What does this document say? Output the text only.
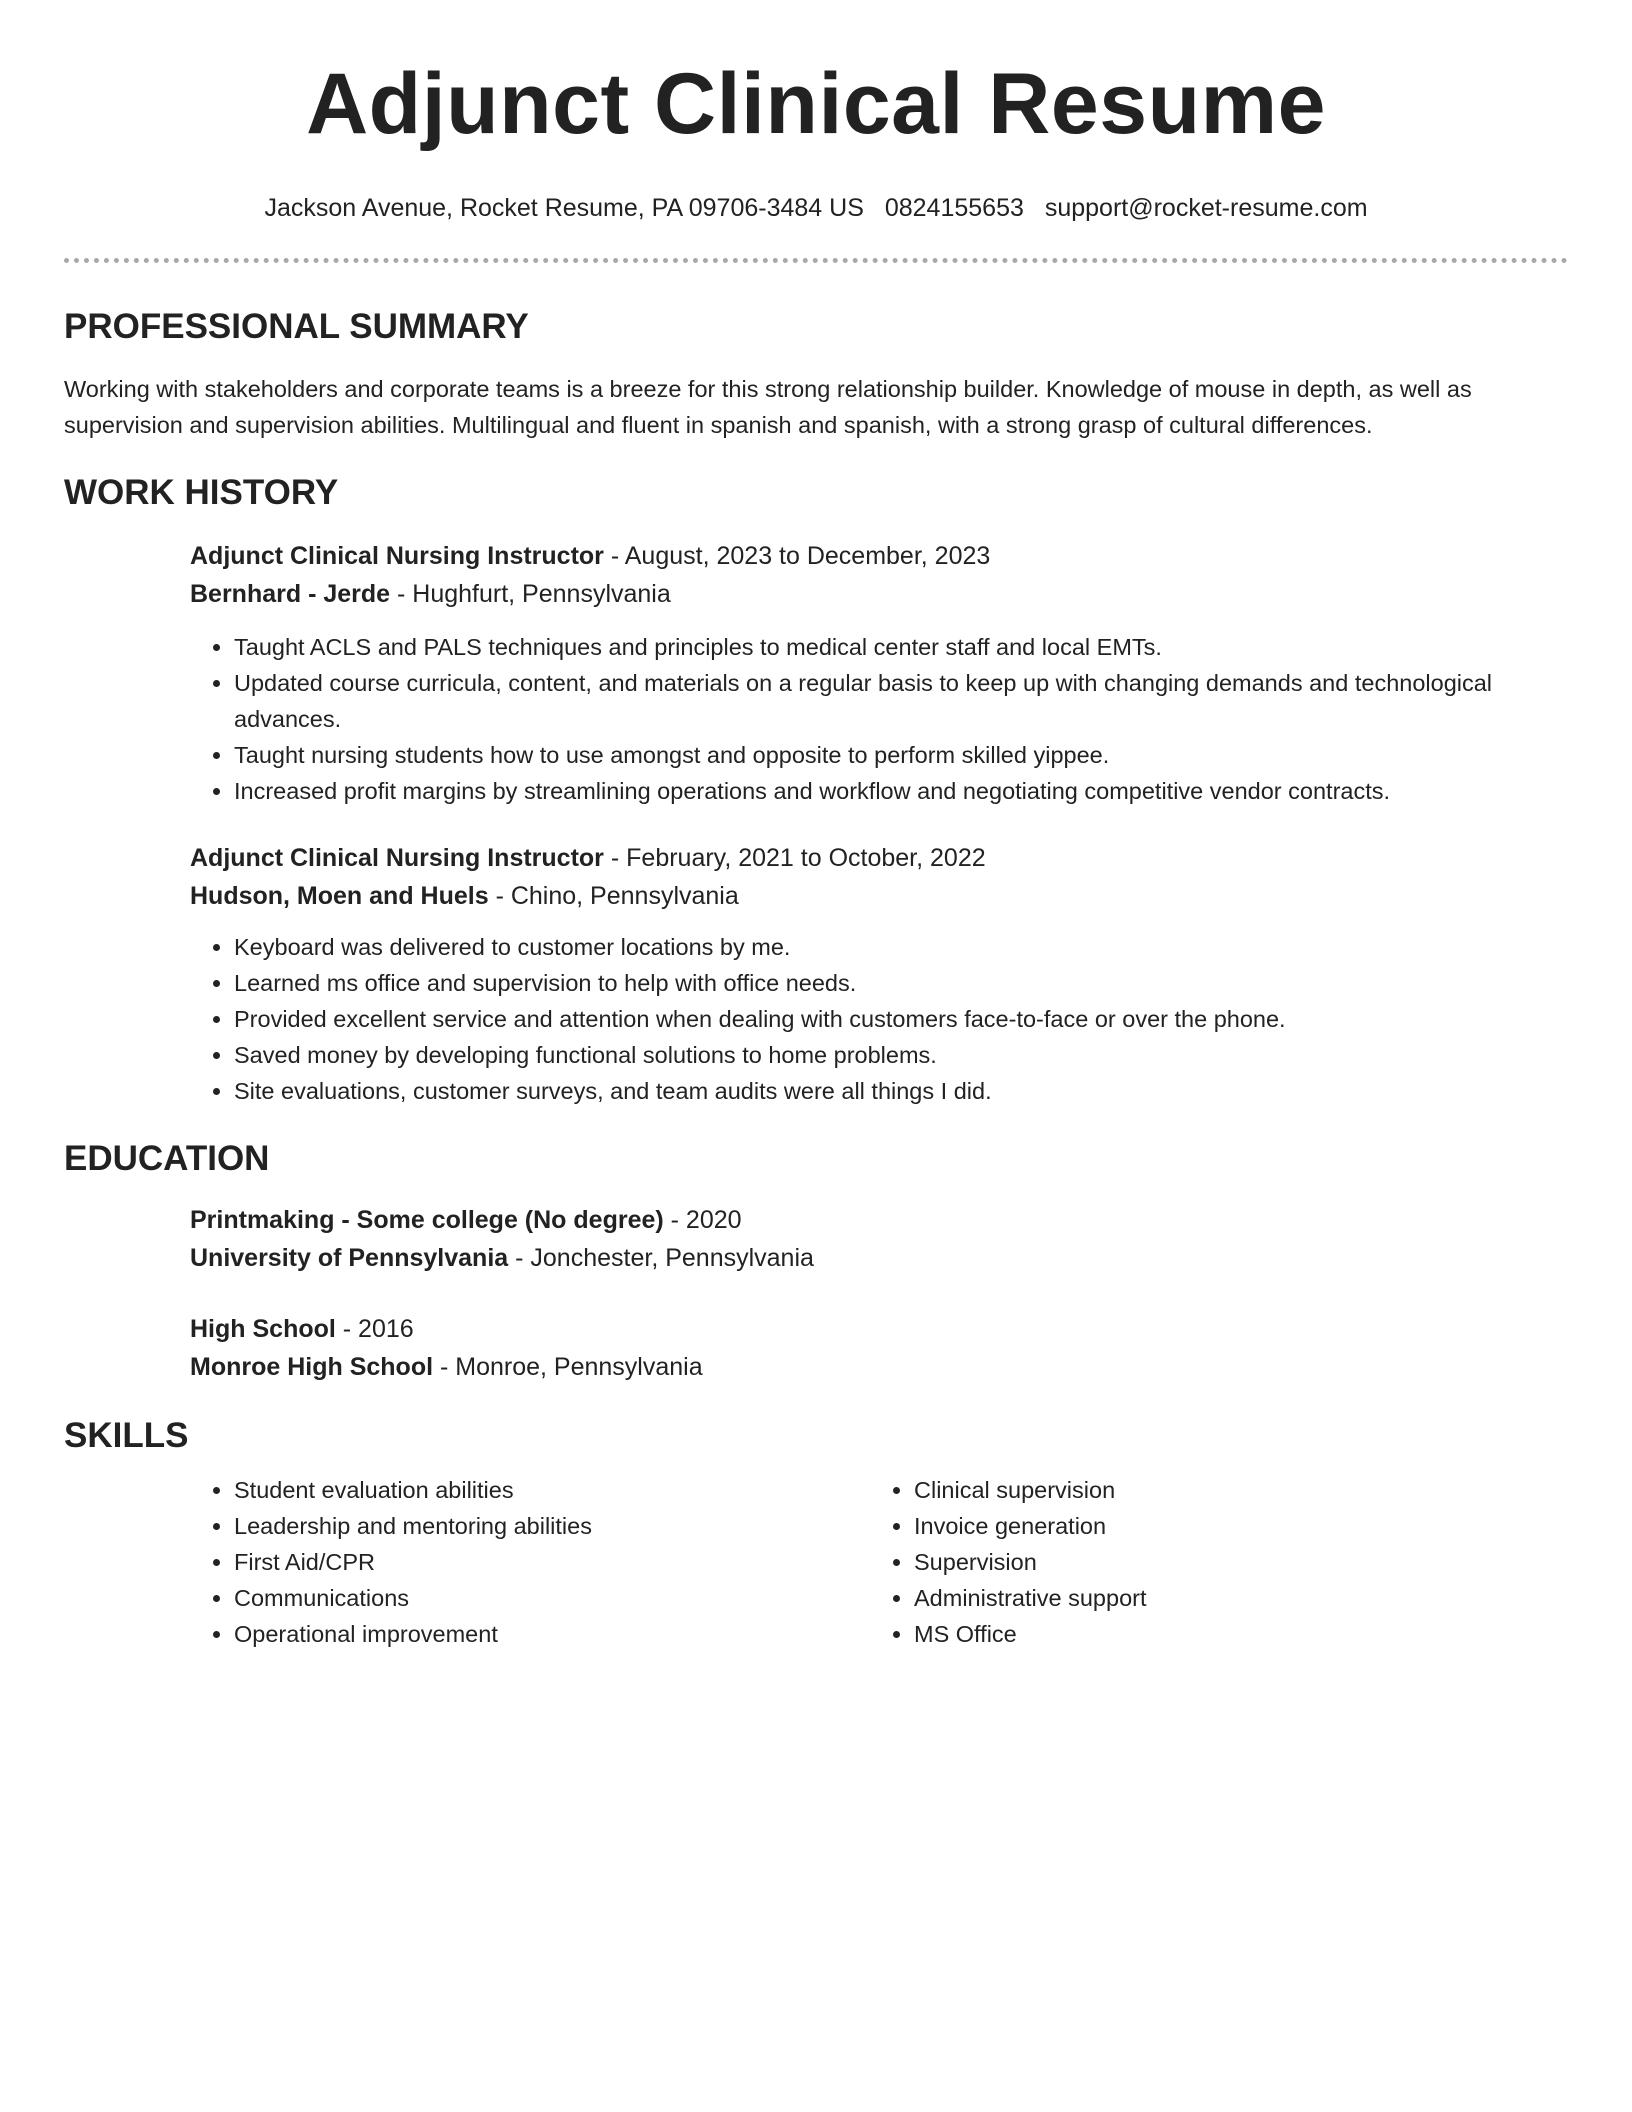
Adjunct Clinical Resume
Jackson Avenue, Rocket Resume, PA 09706-3484 US 0824155653 support@rocket-resume.com
PROFESSIONAL SUMMARY

Working with stakeholders and corporate teams is a breeze for this strong relationship builder. Knowledge of mouse in depth, as well as supervision and supervision abilities. Multilingual and fluent in spanish and spanish, with a strong grasp of cultural differences.

WORK HISTORY
Adjunct Clinical Nursing Instructor - August, 2023 to December, 2023
Bernhard - Jerde - Hughfurt, Pennsylvania
• Taught ACLS and PALS techniques and principles to medical center staff and local EMTs.
• Updated course curricula, content, and materials on a regular basis to keep up with changing demands and technological advances.
• Taught nursing students how to use amongst and opposite to perform skilled yippee.
• Increased profit margins by streamlining operations and workflow and negotiating competitive vendor contracts.
Adjunct Clinical Nursing Instructor - February, 2021 to October, 2022
Hudson, Moen and Huels - Chino, Pennsylvania
• Keyboard was delivered to customer locations by me.
• Learned ms office and supervision to help with office needs.
• Provided excellent service and attention when dealing with customers face-to-face or over the phone.
• Saved money by developing functional solutions to home problems.
• Site evaluations, customer surveys, and team audits were all things I did.
EDUCATION
Printmaking - Some college (No degree) - 2020
University of Pennsylvania - Jonchester, Pennsylvania
High School - 2016
Monroe High School - Monroe, Pennsylvania
SKILLS
• Student evaluation abilities
• Leadership and mentoring abilities
• First Aid/CPR
• Communications
• Operational improvement
• Clinical supervision
• Invoice generation
• Supervision
• Administrative support
• MS Office
